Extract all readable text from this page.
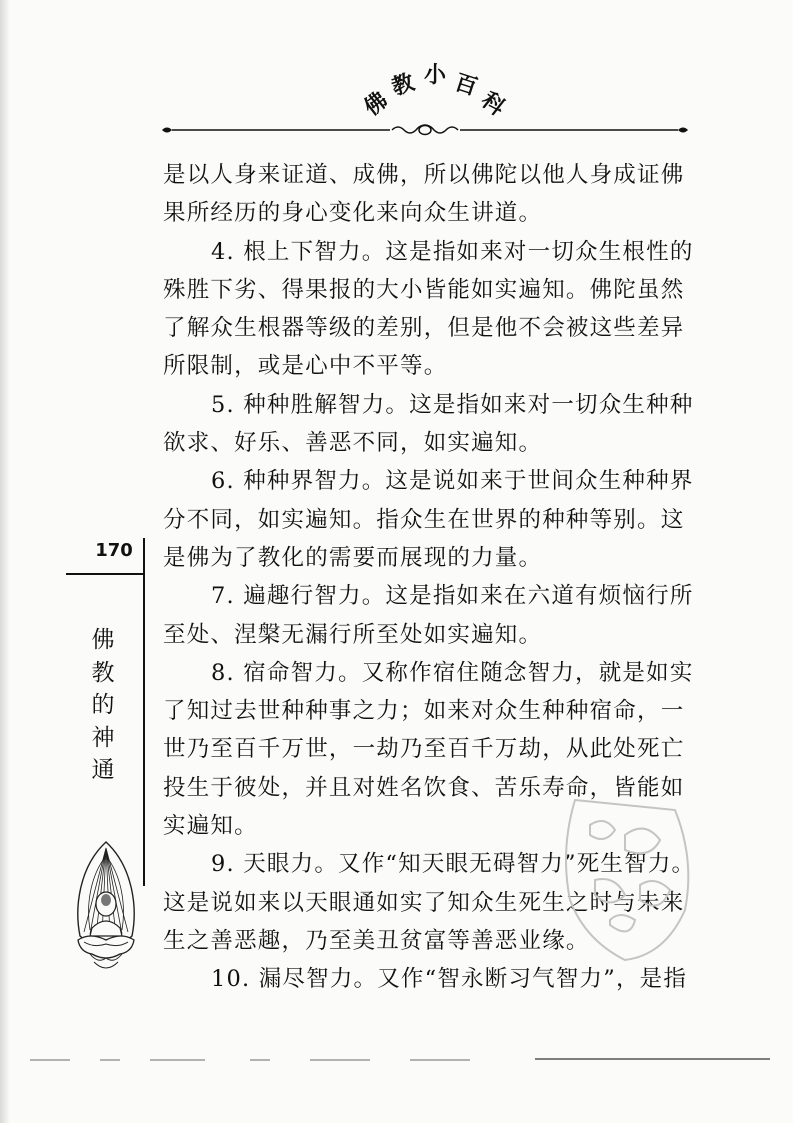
佛
教 小 百
科

是以人身来证道、成佛，所以佛陀以他人身成证佛果所经历的身心变化来向众生讲道。

4. 根上下智力。这是指如来对一切众生根性的殊胜下劣、得果报的大小皆能如实遍知。佛陀虽然了解众生根器等级的差别，但是他不会被这些差异所限制，或是心中不平等。

5. 种种胜解智力。这是指如来对一切众生种种欲求、好乐、善恶不同，如实遍知。

6. 种种界智力。这是说如来于世间众生种种界分不同，如实遍知。指众生在世界的种种等别。这是佛为了教化的需要而展现的力量。

7. 遍趣行智力。这是指如来在六道有烦恼行所至处、涅槃无漏行所至处如实遍知。

8. 宿命智力。又称作宿住随念智力，就是如实了知过去世种种事之力；如来对众生种种宿命，一世乃至百千万世，一劫乃至百千万劫，从此处死亡投生于彼处，并且对姓名饮食、苦乐寿命，皆能如实遍知。

9. 天眼力。又作“知天眼无碍智力”死生智力。这是说如来以天眼通如实了知众生死生之时与未来生之善恶趣，乃至美丑贫富等善恶业缘。

10. 漏尽智力。又作“智永断习气智力”，是指

170
佛
教
的
神
通
